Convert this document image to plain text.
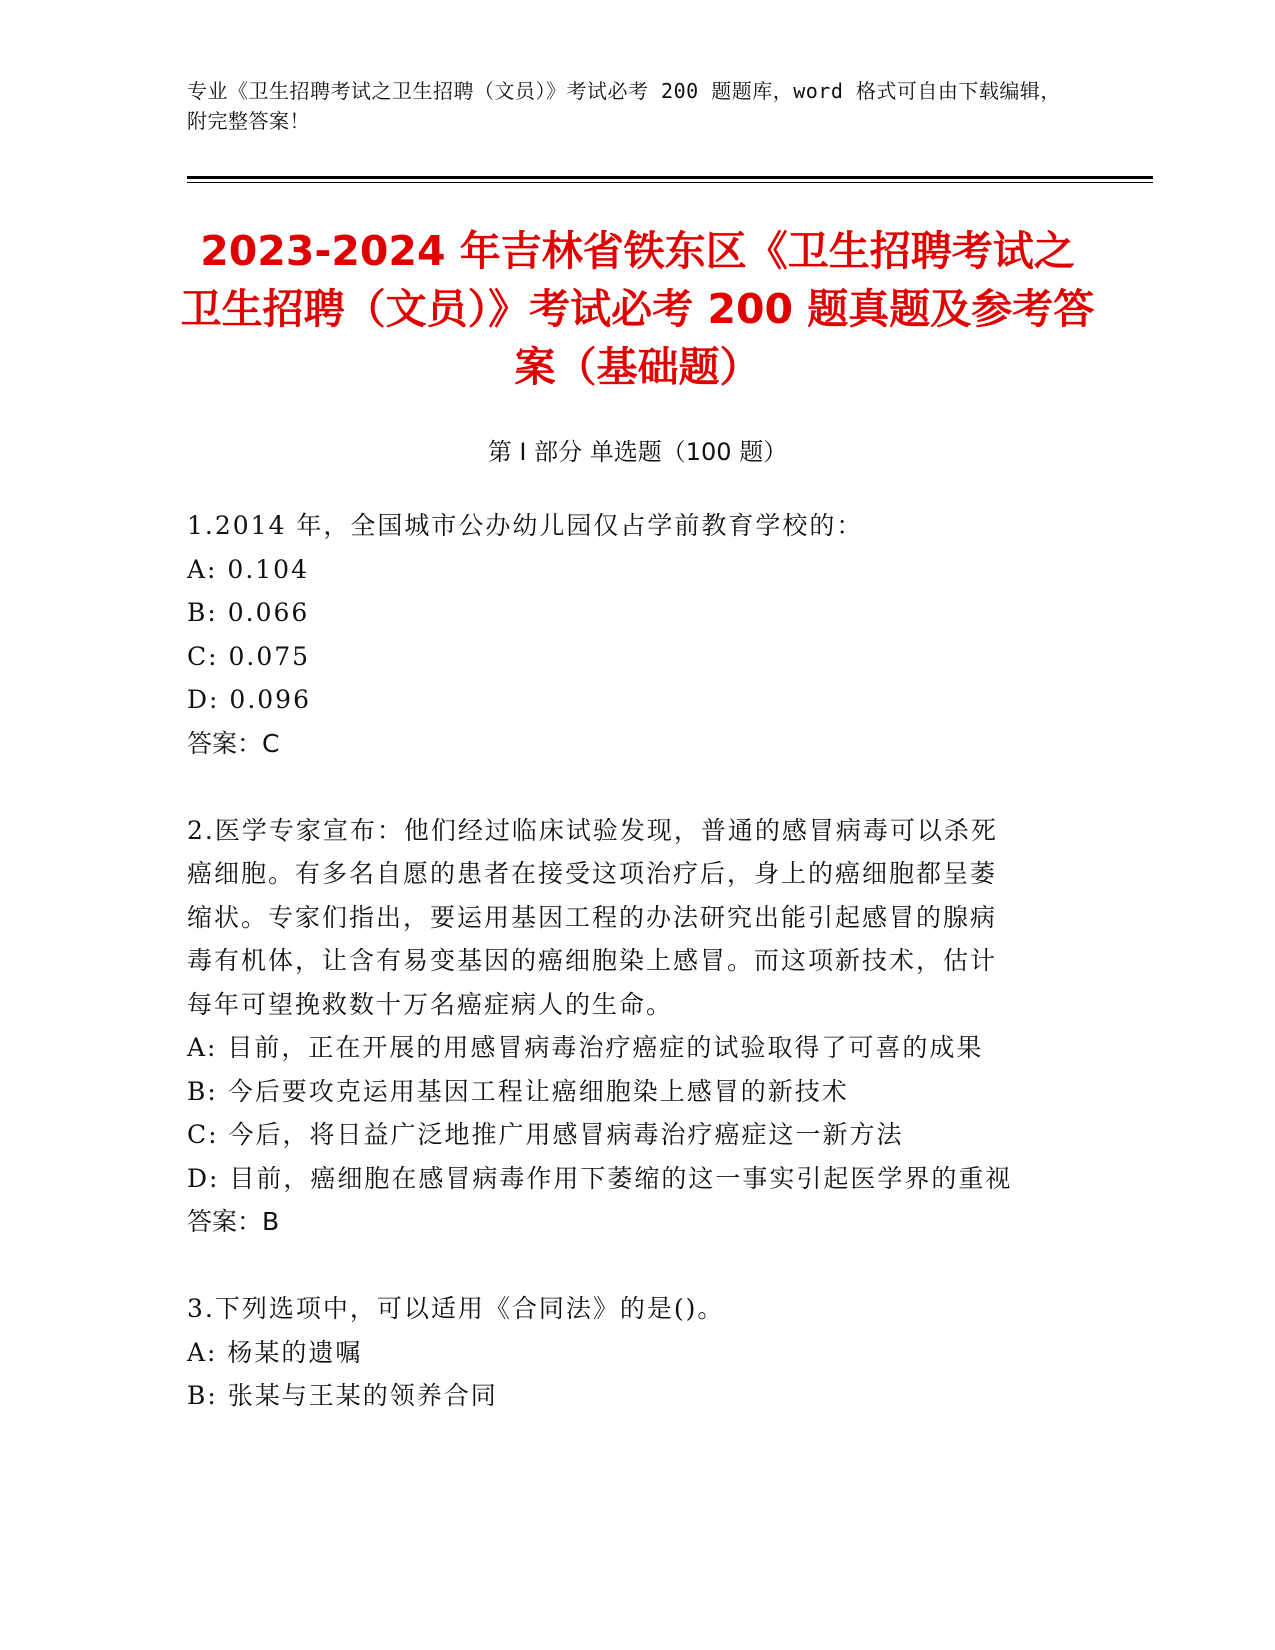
专业《卫生招聘考试之卫生招聘（文员）》考试必考 200 题题库，word 格式可自由下载编辑，附完整答案！
2023-2024 年吉林省铁东区《卫生招聘考试之卫生招聘（文员）》考试必考 200 题真题及参考答案（基础题）
第 I 部分 单选题（100 题）
1.2014 年，全国城市公办幼儿园仅占学前教育学校的：
A: 0.104
B: 0.066
C: 0.075
D: 0.096
答案：C
2.医学专家宣布：他们经过临床试验发现，普通的感冒病毒可以杀死
癌细胞。有多名自愿的患者在接受这项治疗后，身上的癌细胞都呈萎
缩状。专家们指出，要运用基因工程的办法研究出能引起感冒的腺病
毒有机体，让含有易变基因的癌细胞染上感冒。而这项新技术，估计
每年可望挽救数十万名癌症病人的生命。
A: 目前，正在开展的用感冒病毒治疗癌症的试验取得了可喜的成果
B: 今后要攻克运用基因工程让癌细胞染上感冒的新技术
C: 今后，将日益广泛地推广用感冒病毒治疗癌症这一新方法
D: 目前，癌细胞在感冒病毒作用下萎缩的这一事实引起医学界的重视
答案：B
3.下列选项中，可以适用《合同法》的是()。
A: 杨某的遗嘱
B: 张某与王某的领养合同
